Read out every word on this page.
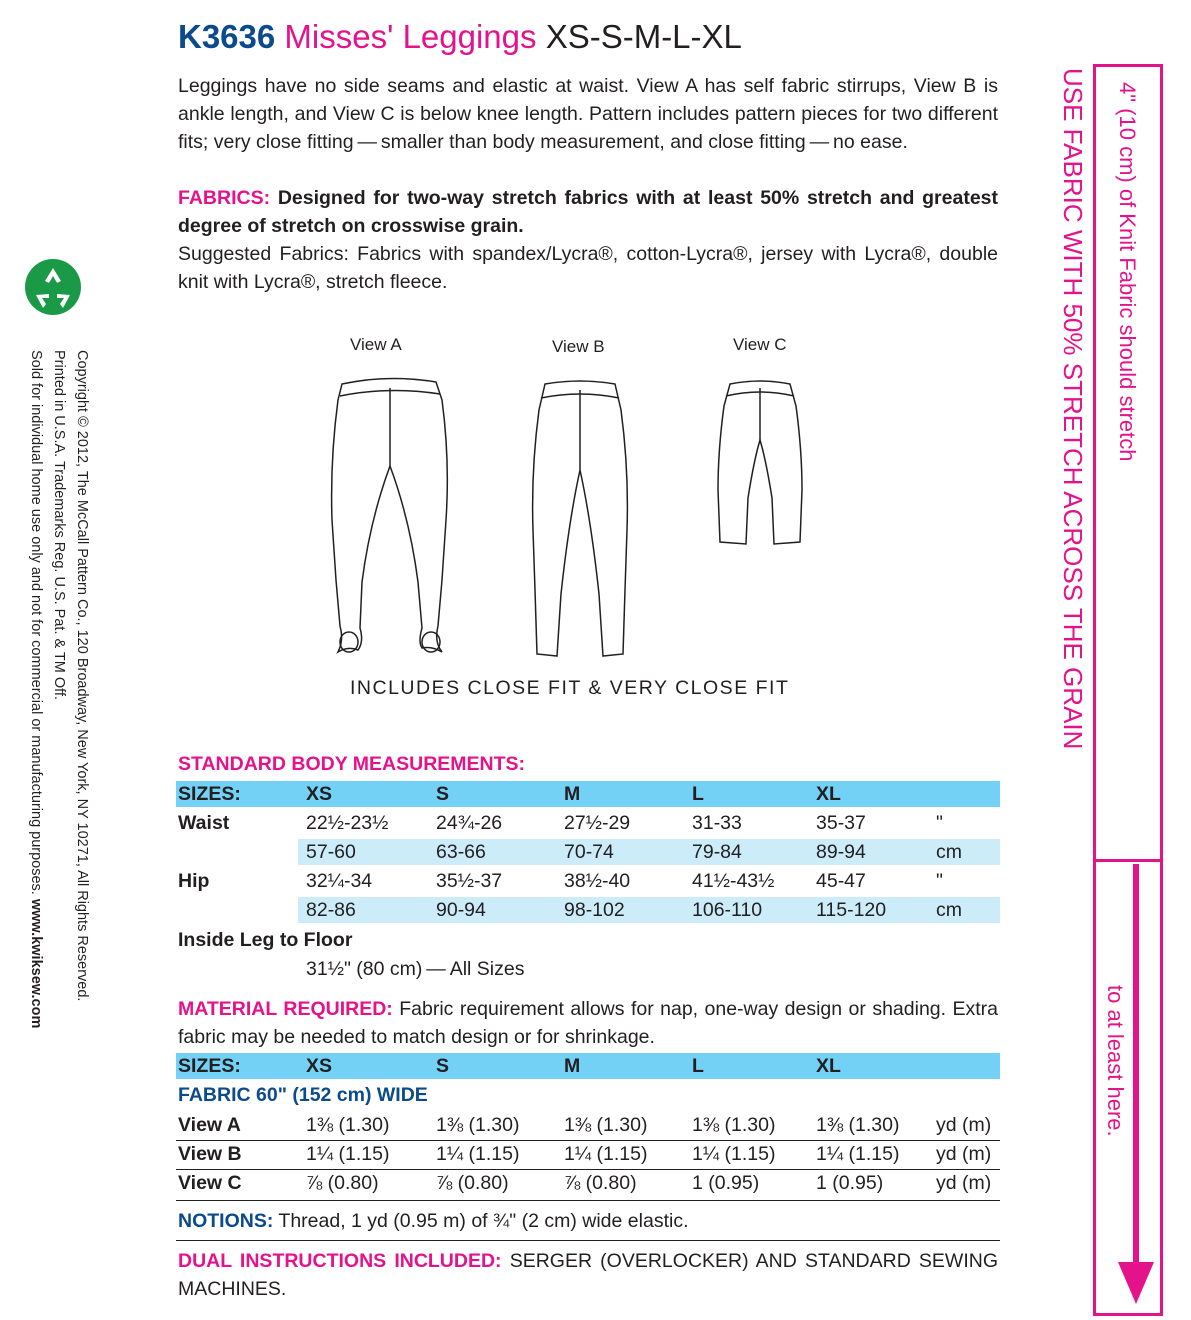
K3636 Misses' Leggings XS-S-M-L-XL
Leggings have no side seams and elastic at waist. View A has self fabric stirrups, View B is ankle length, and View C is below knee length. Pattern includes pattern pieces for two different fits; very close fitting — smaller than body measurement, and close fitting — no ease.
FABRICS: Designed for two-way stretch fabrics with at least 50% stretch and greatest degree of stretch on crosswise grain.
Suggested Fabrics: Fabrics with spandex/Lycra®, cotton-Lycra®, jersey with Lycra®, double knit with Lycra®, stretch fleece.
Copyright © 2012, The McCall Pattern Co., 120 Broadway, New York, NY 10271, All Rights Reserved.
Printed in U.S.A. Trademarks Reg. U.S. Pat. & TM Off.
Sold for individual home use only and not for commercial or manufacturing purposes. www.kwiksew.com
View A	View B	View C
INCLUDES CLOSE FIT & VERY CLOSE FIT
STANDARD BODY MEASUREMENTS:
SIZES:	XS	S	M	L	XL
Waist	22½-23½ 24¾-26	27½-29	31-33	35-37	"
57-60	63-66	70-74	79-84	89-94	cm
Hip	32¼-34	35½-37	38½-40	41½-43½ 45-47	"
82-86	90-94	98-102	106-110	115-120	cm
Inside Leg to Floor
31½" (80 cm) — All Sizes
MATERIAL REQUIRED: Fabric requirement allows for nap, one-way design or shading. Extra fabric may be needed to match design or for shrinkage.
SIZES:	XS	S	M	L	XL
FABRIC 60" (152 cm) WIDE
View A	1⅜ (1.30) 1⅜ (1.30) 1⅜ (1.30) 1⅜ (1.30) 1⅜ (1.30) yd (m)
View B	1¼ (1.15) 1¼ (1.15) 1¼ (1.15) 1¼ (1.15) 1¼ (1.15) yd (m)
View C	⅞ (0.80)	⅞ (0.80)	⅞ (0.80)	1 (0.95)	1 (0.95)	yd (m)
NOTIONS: Thread, 1 yd (0.95 m) of ¾" (2 cm) wide elastic.
DUAL INSTRUCTIONS INCLUDED: SERGER (OVERLOCKER) AND STANDARD SEWING MACHINES.
USE FABRIC WITH 50% STRETCH ACROSS THE GRAIN 4" (10 cm) of Knit Fabric should stretch
to at least here.
